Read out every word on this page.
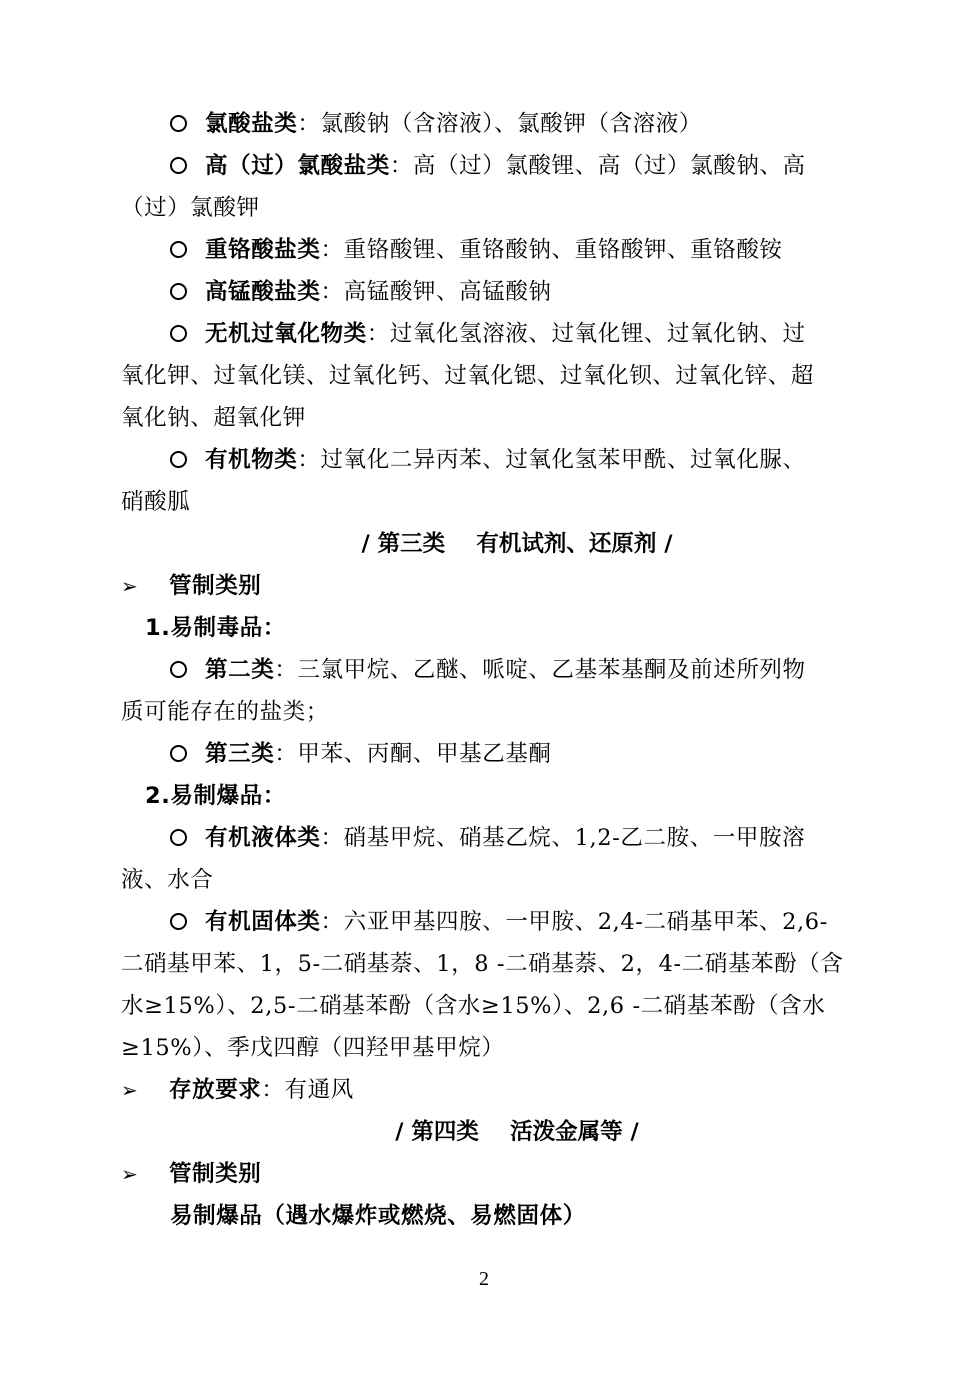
氯酸盐类：氯酸钠（含溶液）、氯酸钾（含溶液）
高（过）氯酸盐类：高（过）氯酸锂、高（过）氯酸钠、高
（过）氯酸钾
重铬酸盐类：重铬酸锂、重铬酸钠、重铬酸钾、重铬酸铵
高锰酸盐类：高锰酸钾、高锰酸钠
无机过氧化物类：过氧化氢溶液、过氧化锂、过氧化钠、过
氧化钾、过氧化镁、过氧化钙、过氧化锶、过氧化钡、过氧化锌、超
氧化钠、超氧化钾
有机物类：过氧化二异丙苯、过氧化氢苯甲酰、过氧化脲、
硝酸胍
/ 第三类    有机试剂、还原剂 /
➢ 管制类别
1.易制毒品：
第二类：三氯甲烷、乙醚、哌啶、乙基苯基酮及前述所列物
质可能存在的盐类；
第三类：甲苯、丙酮、甲基乙基酮
2.易制爆品：
有机液体类：硝基甲烷、硝基乙烷、1,2-乙二胺、一甲胺溶
液、水合
有机固体类：六亚甲基四胺、一甲胺、2,4-二硝基甲苯、2,6-
二硝基甲苯、1，5-二硝基萘、1，8 -二硝基萘、2，4-二硝基苯酚（含
水≥15%）、2,5-二硝基苯酚（含水≥15%）、2,6 -二硝基苯酚（含水
≥15%）、季戊四醇（四羟甲基甲烷）
➢ 存放要求：有通风
/ 第四类    活泼金属等 /
➢ 管制类别
易制爆品（遇水爆炸或燃烧、易燃固体）
2
